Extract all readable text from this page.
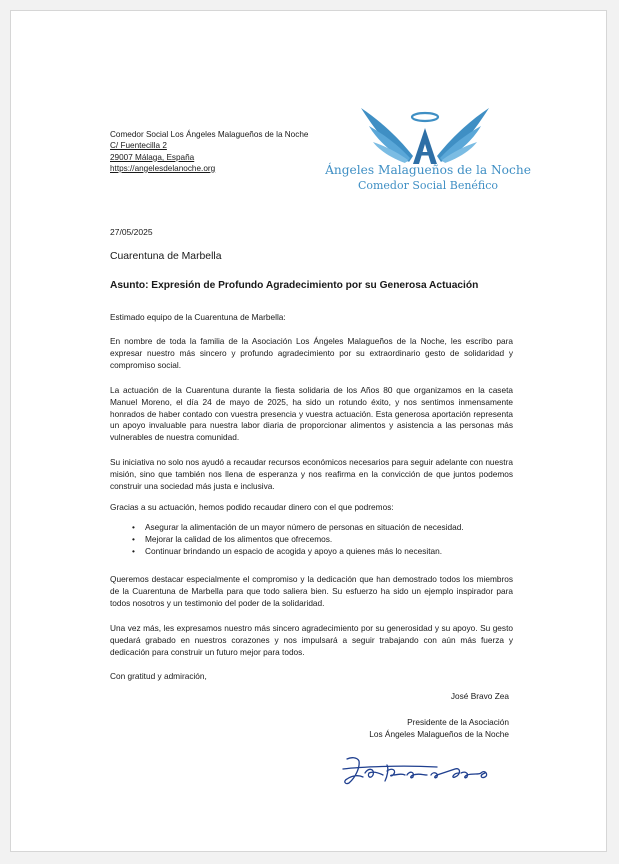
Comedor Social Los Ángeles Malagueños de la Noche
C/ Fuentecilla 2
29007 Málaga, España
https://angelesdelanoche.org	Ángeles Malagueños de la Noche
Comedor Social Benéfico
27/05/2025
Cuarentuna de Marbella
Asunto: Expresión de Profundo Agradecimiento por su Generosa Actuación

Estimado equipo de la Cuarentuna de Marbella:

En nombre de toda la familia de la Asociación Los Ángeles Malagueños de la Noche, les escribo para expresar nuestro más sincero y profundo agradecimiento por su extraordinario gesto de solidaridad y compromiso social.

La actuación de la Cuarentuna durante la fiesta solidaria de los Años 80 que organizamos en la caseta Manuel Moreno, el día 24 de mayo de 2025, ha sido un rotundo éxito, y nos sentimos inmensamente honrados de haber contado con vuestra presencia y vuestra actuación. Esta generosa aportación representa un apoyo invaluable para nuestra labor diaria de proporcionar alimentos y asistencia a las personas más vulnerables de nuestra comunidad.

Su iniciativa no solo nos ayudó a recaudar recursos económicos necesarios para seguir adelante con nuestra misión, sino que también nos llena de esperanza y nos reafirma en la convicción de que juntos podemos construir una sociedad más justa e inclusiva.

Gracias a su actuación, hemos podido recaudar dinero con el que podremos:

• Asegurar la alimentación de un mayor número de personas en situación de necesidad.
• Mejorar la calidad de los alimentos que ofrecemos.
• Continuar brindando un espacio de acogida y apoyo a quienes más lo necesitan.

Queremos destacar especialmente el compromiso y la dedicación que han demostrado todos los miembros de la Cuarentuna de Marbella para que todo saliera bien. Su esfuerzo ha sido un ejemplo inspirador para todos nosotros y un testimonio del poder de la solidaridad.

Una vez más, les expresamos nuestro más sincero agradecimiento por su generosidad y su apoyo. Su gesto quedará grabado en nuestros corazones y nos impulsará a seguir trabajando con aún más fuerza y dedicación para construir un futuro mejor para todos.

Con gratitud y admiración,

José Bravo Zea
Presidente de la Asociación
Los Ángeles Malagueños de la Noche
